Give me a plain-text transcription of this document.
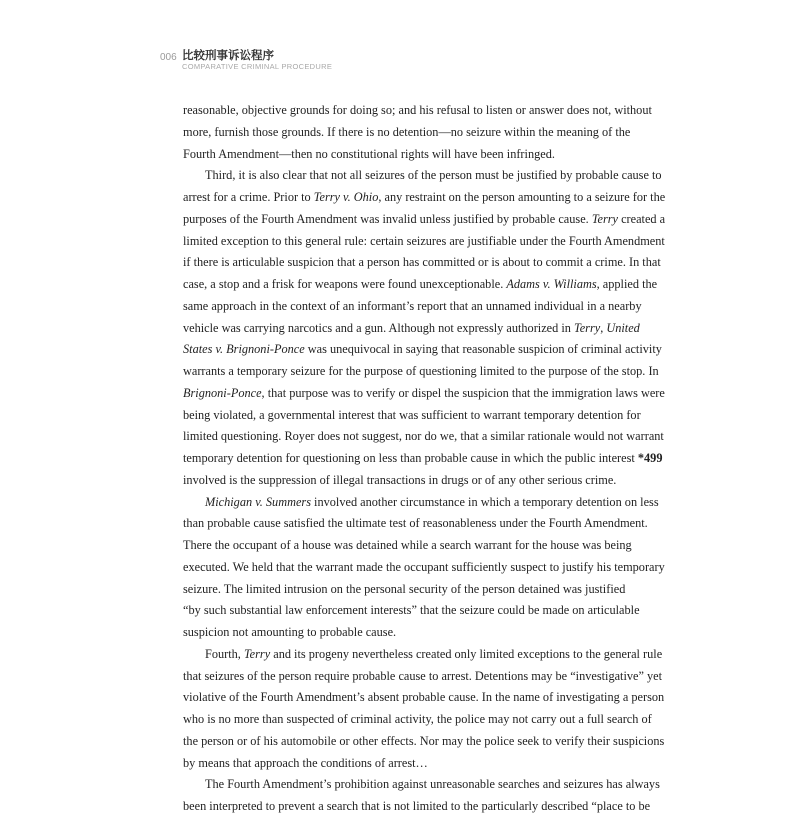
006 比较刑事诉讼程序
COMPARATIVE CRIMINAL PROCEDURE
reasonable, objective grounds for doing so; and his refusal to listen or answer does not, without
more, furnish those grounds. If there is no detention—no seizure within the meaning of the
Fourth Amendment—then no constitutional rights will have been infringed.
Third, it is also clear that not all seizures of the person must be justified by probable cause to
arrest for a crime. Prior to Terry v. Ohio, any restraint on the person amounting to a seizure for the
purposes of the Fourth Amendment was invalid unless justified by probable cause. Terry created a
limited exception to this general rule: certain seizures are justifiable under the Fourth Amendment
if there is articulable suspicion that a person has committed or is about to commit a crime. In that
case, a stop and a frisk for weapons were found unexceptionable. Adams v. Williams, applied the
same approach in the context of an informant’s report that an unnamed individual in a nearby
vehicle was carrying narcotics and a gun. Although not expressly authorized in Terry, United
States v. Brignoni-Ponce was unequivocal in saying that reasonable suspicion of criminal activity
warrants a temporary seizure for the purpose of questioning limited to the purpose of the stop. In
Brignoni-Ponce, that purpose was to verify or dispel the suspicion that the immigration laws were
being violated, a governmental interest that was sufficient to warrant temporary detention for
limited questioning. Royer does not suggest, nor do we, that a similar rationale would not warrant
temporary detention for questioning on less than probable cause in which the public interest *499
involved is the suppression of illegal transactions in drugs or of any other serious crime.
Michigan v. Summers involved another circumstance in which a temporary detention on less
than probable cause satisfied the ultimate test of reasonableness under the Fourth Amendment.
There the occupant of a house was detained while a search warrant for the house was being
executed. We held that the warrant made the occupant sufficiently suspect to justify his temporary
seizure. The limited intrusion on the personal security of the person detained was justified
“by such substantial law enforcement interests” that the seizure could be made on articulable
suspicion not amounting to probable cause.
Fourth, Terry and its progeny nevertheless created only limited exceptions to the general rule
that seizures of the person require probable cause to arrest. Detentions may be “investigative” yet
violative of the Fourth Amendment’s absent probable cause. In the name of investigating a person
who is no more than suspected of criminal activity, the police may not carry out a full search of
the person or of his automobile or other effects. Nor may the police seek to verify their suspicions
by means that approach the conditions of arrest…
The Fourth Amendment’s prohibition against unreasonable searches and seizures has always
been interpreted to prevent a search that is not limited to the particularly described “place to be
